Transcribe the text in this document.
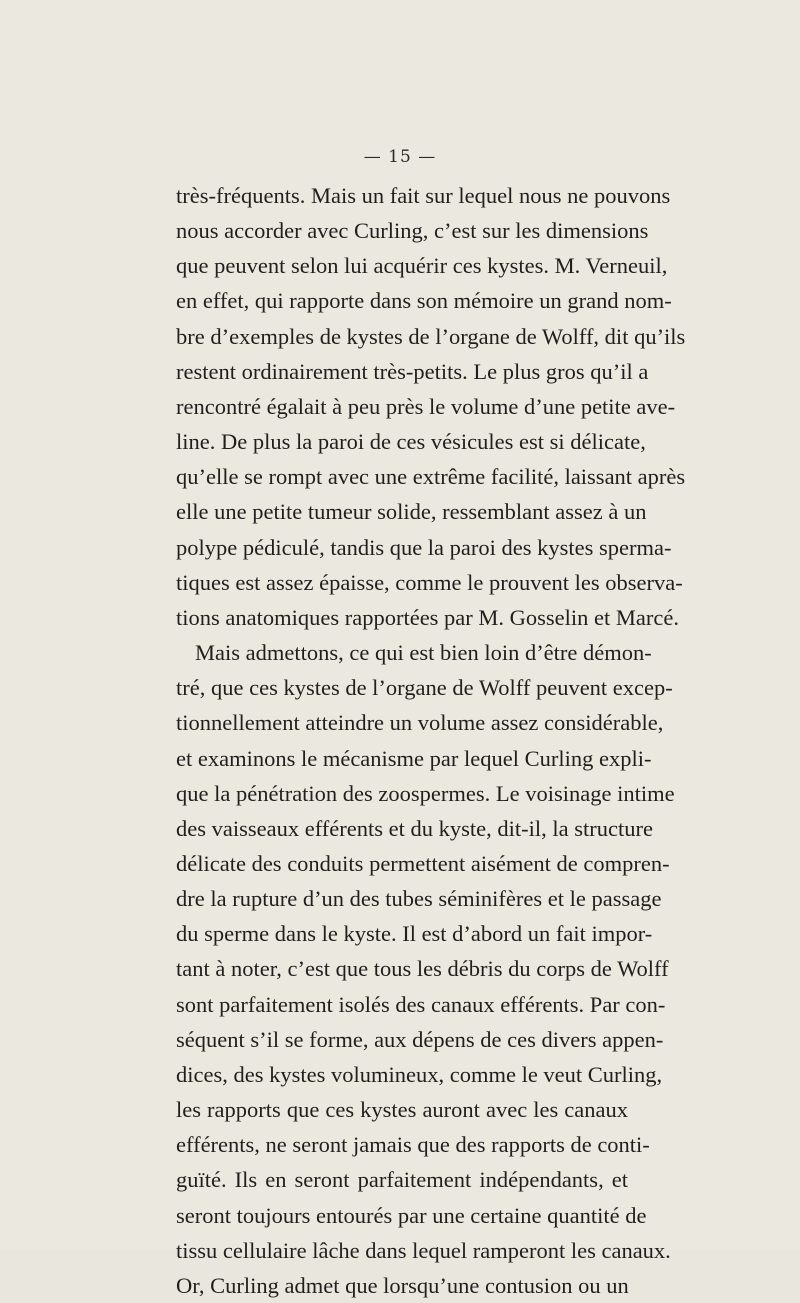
— 15 —
très-fréquents. Mais un fait sur lequel nous ne pouvons
nous accorder avec Curling, c’est sur les dimensions
que peuvent selon lui acquérir ces kystes. M. Verneuil,
en effet, qui rapporte dans son mémoire un grand nom-
bre d’exemples de kystes de l’organe de Wolff, dit qu’ils
restent ordinairement très-petits. Le plus gros qu’il a
rencontré égalait à peu près le volume d’une petite ave-
line. De plus la paroi de ces vésicules est si délicate,
qu’elle se rompt avec une extrême facilité, laissant après
elle une petite tumeur solide, ressemblant assez à un
polype pédiculé, tandis que la paroi des kystes sperma-
tiques est assez épaisse, comme le prouvent les observa-
tions anatomiques rapportées par M. Gosselin et Marcé.
Mais admettons, ce qui est bien loin d’être démon-
tré, que ces kystes de l’organe de Wolff peuvent excep-
tionnellement atteindre un volume assez considérable,
et examinons le mécanisme par lequel Curling expli-
que la pénétration des zoospermes. Le voisinage intime
des vaisseaux efférents et du kyste, dit-il, la structure
délicate des conduits permettent aisément de compren-
dre la rupture d’un des tubes séminifères et le passage
du sperme dans le kyste. Il est d’abord un fait impor-
tant à noter, c’est que tous les débris du corps de Wolff
sont parfaitement isolés des canaux efférents. Par con-
séquent s’il se forme, aux dépens de ces divers appen-
dices, des kystes volumineux, comme le veut Curling,
les rapports que ces kystes auront avec les canaux
efférents, ne seront jamais que des rapports de conti-
guïté. Ils en seront parfaitement indépendants, et
seront toujours entourés par une certaine quantité de
tissu cellulaire lâche dans lequel ramperont les canaux.
Or, Curling admet que lorsqu’une contusion ou un
